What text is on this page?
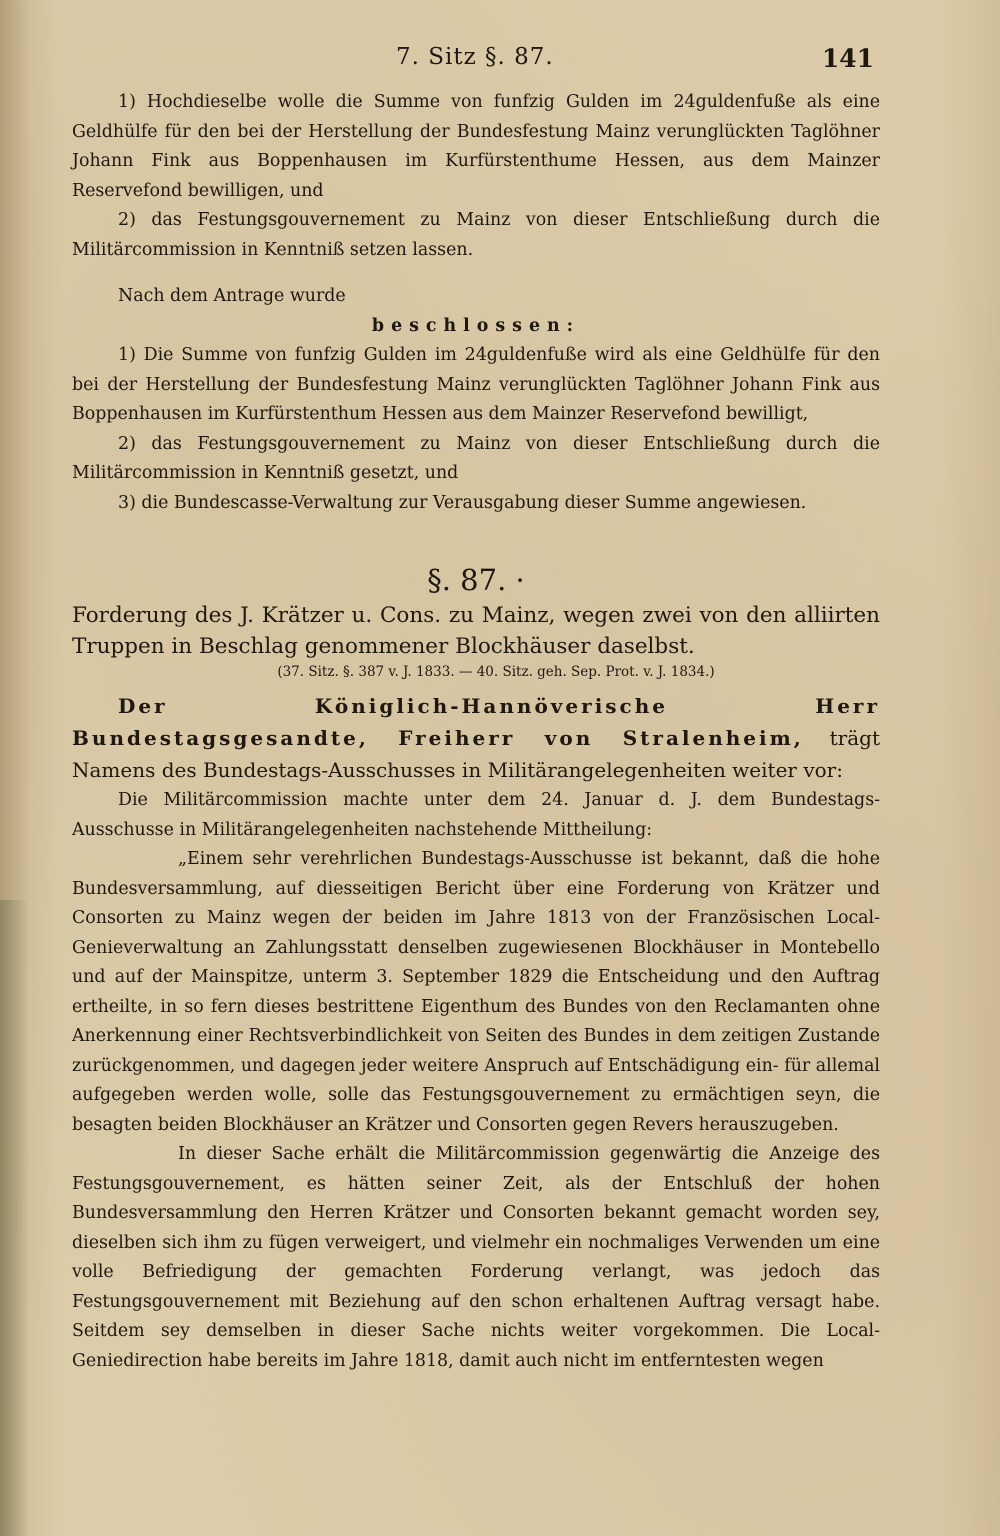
7. Sitz §. 87.	141

1) Hochdieselbe wolle die Summe von funfzig Gulden im 24guldenfuße als eine Geldhülfe für den bei der Herstellung der Bundesfestung Mainz verunglückten Taglöhner Johann Fink aus Boppenhausen im Kurfürstenthume Hessen, aus dem Mainzer Reservefond bewilligen, und

2) das Festungsgouvernement zu Mainz von dieser Entschließung durch die Militärcommission in Kenntniß setzen lassen.

Nach dem Antrage wurde

beschlossen:

1) Die Summe von funfzig Gulden im 24guldenfuße wird als eine Geldhülfe für den bei der Herstellung der Bundesfestung Mainz verunglückten Taglöhner Johann Fink aus Boppenhausen im Kurfürstenthum Hessen aus dem Mainzer Reservefond bewilligt,

2) das Festungsgouvernement zu Mainz von dieser Entschließung durch die Militärcommission in Kenntniß gesetzt, und

3) die Bundescasse-Verwaltung zur Verausgabung dieser Summe angewiesen.

§. 87. ·
Forderung des J. Krätzer u. Cons. zu Mainz, wegen zwei von den alliirten Truppen in Beschlag genommener Blockhäuser daselbst.
(37. Sitz. §. 387 v. J. 1833. — 40. Sitz. geh. Sep. Prot. v. J. 1834.)
Der Königlich-Hannöverische Herr Bundestagsgesandte, Freiherr von Stralenheim, trägt Namens des Bundestags-Ausschusses in Militärangelegenheiten weiter vor:

Die Militärcommission machte unter dem 24. Januar d. J. dem Bundestags-Ausschusse in Militärangelegenheiten nachstehende Mittheilung:

„Einem sehr verehrlichen Bundestags-Ausschusse ist bekannt, daß die hohe Bundesversammlung, auf diesseitigen Bericht über eine Forderung von Krätzer und Consorten zu Mainz wegen der beiden im Jahre 1813 von der Französischen Local-Genieverwaltung an Zahlungsstatt denselben zugewiesenen Blockhäuser in Montebello und auf der Mainspitze, unterm 3. September 1829 die Entscheidung und den Auftrag ertheilte, in so fern dieses bestrittene Eigenthum des Bundes von den Reclamanten ohne Anerkennung einer Rechtsverbindlichkeit von Seiten des Bundes in dem zeitigen Zustande zurückgenommen, und dagegen jeder weitere Anspruch auf Entschädigung ein- für allemal aufgegeben werden wolle, solle das Festungsgouvernement zu ermächtigen seyn, die besagten beiden Blockhäuser an Krätzer und Consorten gegen Revers herauszugeben.

In dieser Sache erhält die Militärcommission gegenwärtig die Anzeige des Festungsgouvernement, es hätten seiner Zeit, als der Entschluß der hohen Bundesversammlung den Herren Krätzer und Consorten bekannt gemacht worden sey, dieselben sich ihm zu fügen verweigert, und vielmehr ein nochmaliges Verwenden um eine volle Befriedigung der gemachten Forderung verlangt, was jedoch das Festungsgouvernement mit Beziehung auf den schon erhaltenen Auftrag versagt habe. Seitdem sey demselben in dieser Sache nichts weiter vorgekommen. Die Local-Geniedirection habe bereits im Jahre 1818, damit auch nicht im entferntesten wegen
